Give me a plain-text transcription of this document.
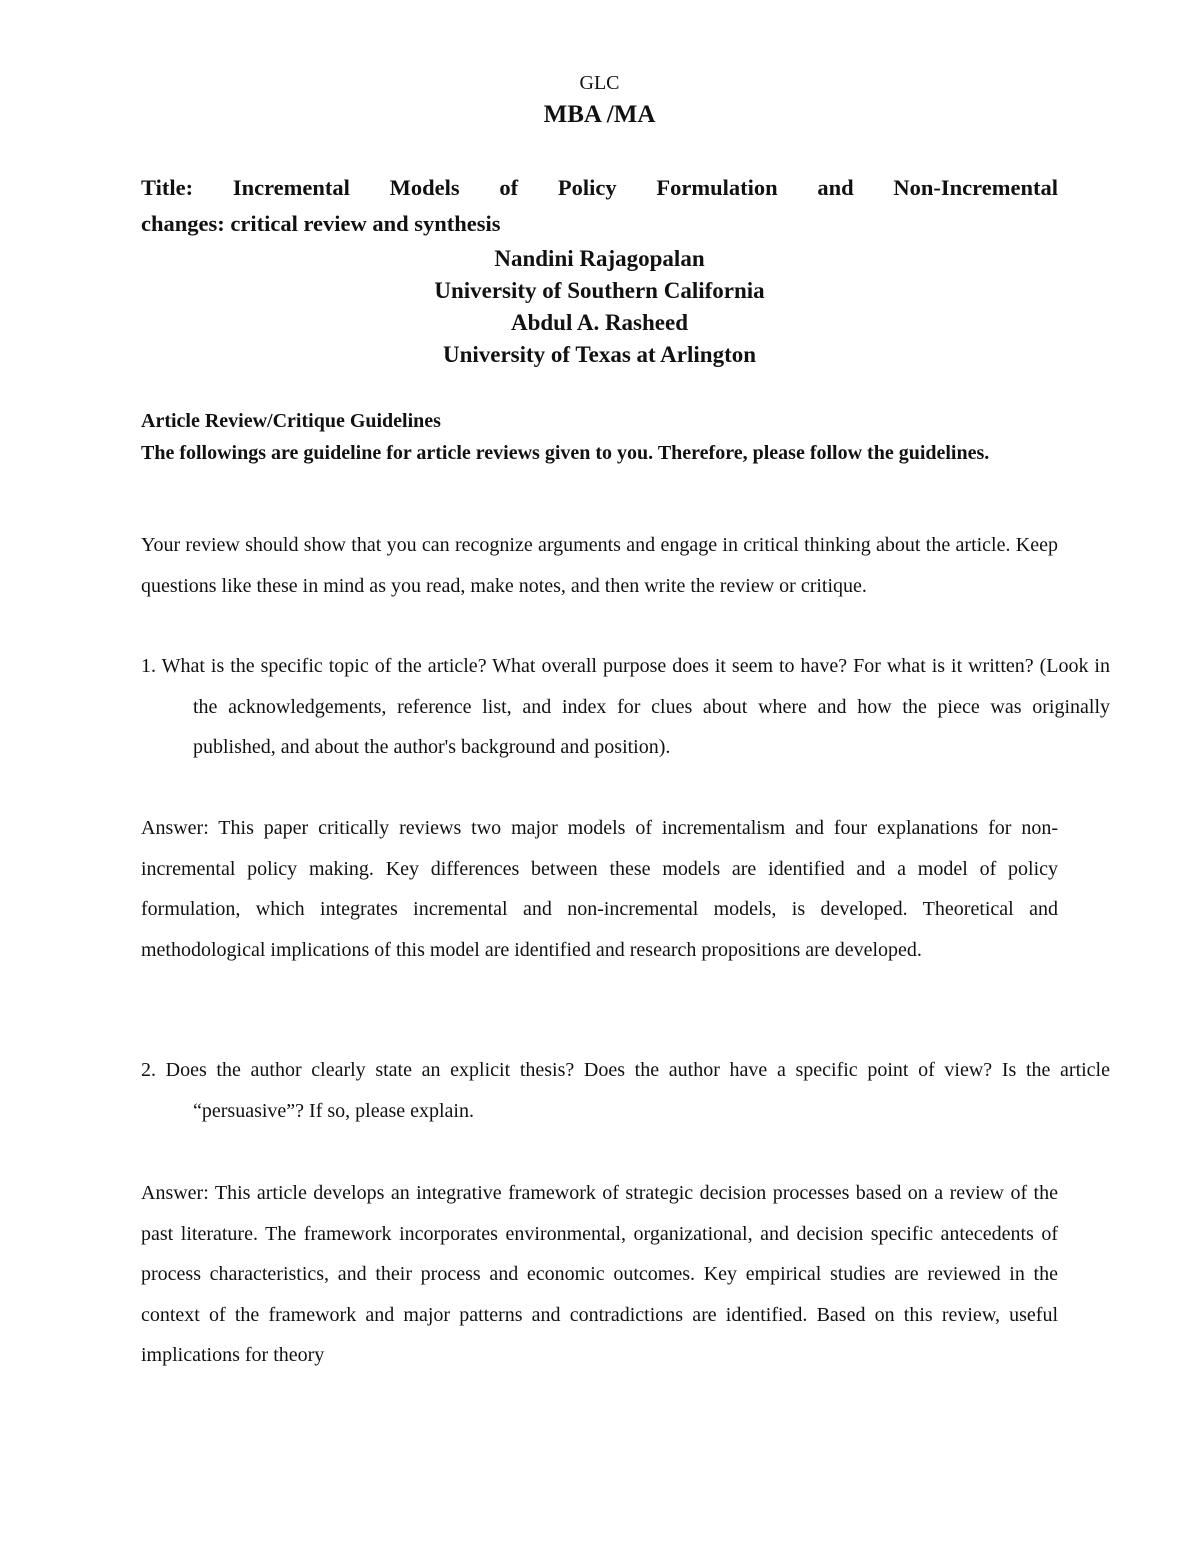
GLC

MBA /MA

Title: Incremental Models of Policy Formulation and Non-Incremental
changes: critical review and synthesis
Nandini Rajagopalan
University of Southern California
Abdul A. Rasheed
University of Texas at Arlington

Article Review/Critique Guidelines

The followings are guideline for article reviews given to you. Therefore, please follow the guidelines.

Your review should show that you can recognize arguments and engage in critical thinking about the article. Keep questions like these in mind as you read, make notes, and then write the review or critique.

1. What is the specific topic of the article? What overall purpose does it seem to have? For what is it written? (Look in the acknowledgements, reference list, and index for clues about where and how the piece was originally published, and about the author's background and position).

Answer: This paper critically reviews two major models of incrementalism and four explanations for non-incremental policy making. Key differences between these models are identified and a model of policy formulation, which integrates incremental and non-incremental models, is developed. Theoretical and methodological implications of this model are identified and research propositions are developed.

2. Does the author clearly state an explicit thesis? Does the author have a specific point of view? Is the article “persuasive”? If so, please explain.

Answer: This article develops an integrative framework of strategic decision processes based on a review of the past literature. The framework incorporates environmental, organizational, and decision specific antecedents of process characteristics, and their process and economic outcomes. Key empirical studies are reviewed in the context of the framework and major patterns and contradictions are identified. Based on this review, useful implications for theory
